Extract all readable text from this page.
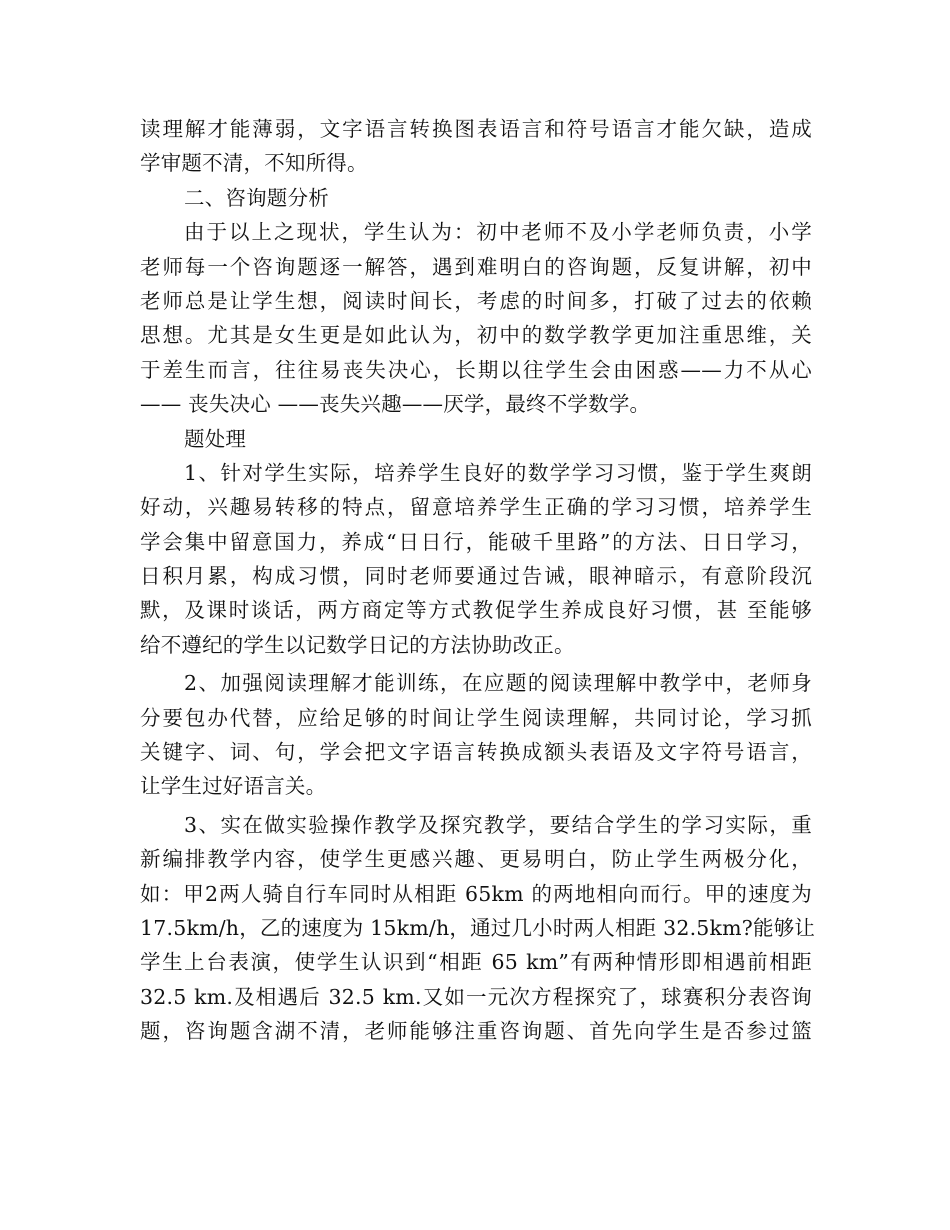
读理解才能薄弱，文字语言转换图表语言和符号语言才能欠缺，造成
学审题不清，不知所得。
二、咨询题分析
由于以上之现状，学生认为：初中老师不及小学老师负责，小学
老师每一个咨询题逐一解答，遇到难明白的咨询题，反复讲解，初中
老师总是让学生想，阅读时间长，考虑的时间多，打破了过去的依赖
思想。尤其是女生更是如此认为，初中的数学教学更加注重思维，关
于差生而言，往往易丧失决心，长期以往学生会由困惑——力不从心
—— 丧失决心 ——丧失兴趣——厌学，最终不学数学。
题处理
1、针对学生实际，培养学生良好的数学学习习惯，鉴于学生爽朗
好动，兴趣易转移的特点，留意培养学生正确的学习习惯，培养学生
学会集中留意国力，养成“日日行，能破千里路”的方法、日日学习，
日积月累，构成习惯，同时老师要通过告诫，眼神暗示，有意阶段沉
默，及课时谈话，两方商定等方式教促学生养成良好习惯，甚 至能够
给不遵纪的学生以记数学日记的方法协助改正。
2、加强阅读理解才能训练，在应题的阅读理解中教学中，老师身
分要包办代替，应给足够的时间让学生阅读理解，共同讨论，学习抓
关键字、词、句，学会把文字语言转换成额头表语及文字符号语言，
让学生过好语言关。
3、实在做实验操作教学及探究教学，要结合学生的学习实际，重
新编排教学内容，使学生更感兴趣、更易明白，防止学生两极分化，
如：甲2两人骑自行车同时从相距 65km 的两地相向而行。甲的速度为
17.5km/h，乙的速度为 15km/h，通过几小时两人相距 32.5km?能够让
学生上台表演，使学生认识到“相距 65 km”有两种情形即相遇前相距
32.5 km.及相遇后 32.5 km.又如一元次方程探究了，球赛积分表咨询
题，咨询题含湖不清，老师能够注重咨询题、首先向学生是否参过篮
